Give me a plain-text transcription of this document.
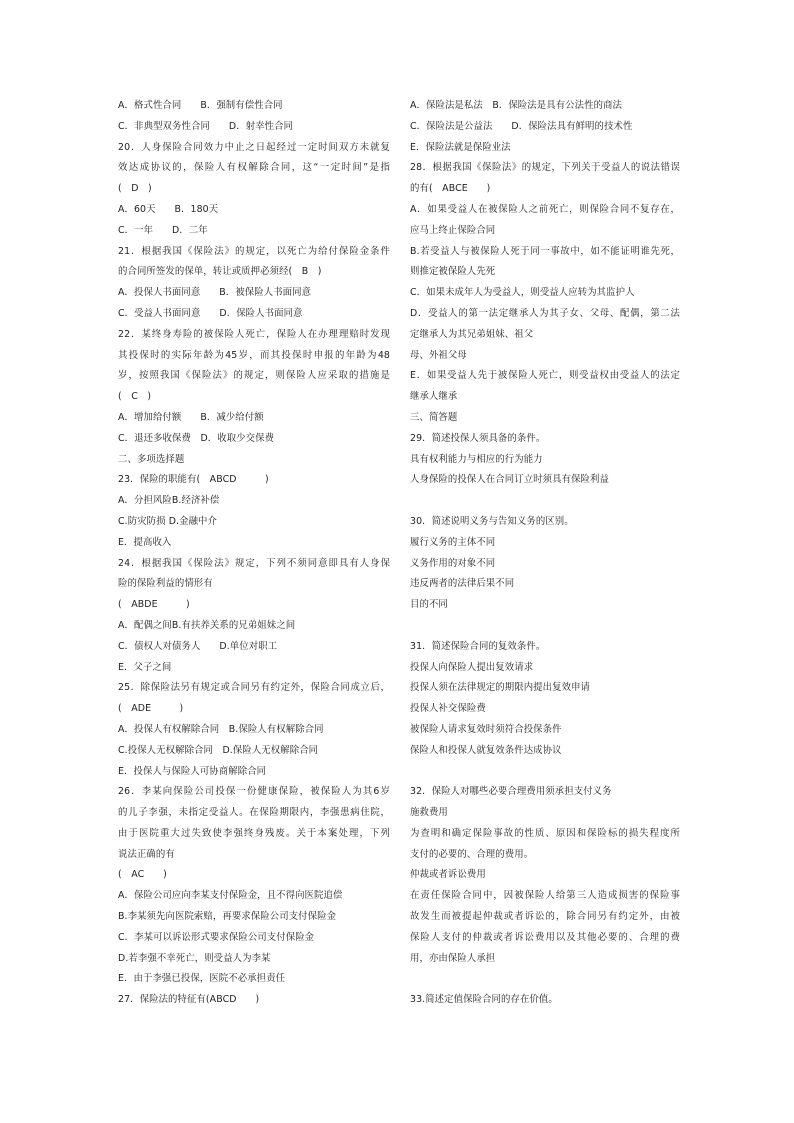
A．格式性合同　　B．强制有偿性合同
C．非典型双务性合同　　D．射幸性合同
20．人身保险合同效力中止之日起经过一定时间双方未就复
效达成协议的，保险人有权解除合同，这“一定时间”是指
(　D　)
A．60天　　B．180天
C．一年　　D．二年
21．根据我国《保险法》的规定，以死亡为给付保险金条件
的合同所签发的保单，转让或质押必须经(　B　)
A．投保人书面同意　　B．被保险人书面同意
C．受益人书面同意　　D．保险人书面同意
22．某终身寿险的被保险人死亡，保险人在办理理赔时发现
其投保时的实际年龄为45岁，而其投保时申报的年龄为48
岁，按照我国《保险法》的规定，则保险人应采取的措施是
(　C　)
A．增加给付额　　B．减少给付额
C．退还多收保费　D．收取少交保费
二、多项选择题
23．保险的职能有(　ABCD　　　)
A．分担风险B.经济补偿
C.防灾防损 D.金融中介
E．提高收入
24．根据我国《保险法》规定，下列不须同意即具有人身保
险的保险利益的情形有
(　ABDE　　　)
A．配偶之间B.有扶养关系的兄弟姐妹之间
C．债权人对债务人　　D.单位对职工
E．父子之间
25．除保险法另有规定或合同另有约定外，保险合同成立后，
(　ADE　　　)
A．投保人有权解除合同　B.保险人有权解除合同
C.投保人无权解除合同　D.保险人无权解除合同
E．投保人与保险人可协商解除合同
26．李某向保险公司投保一份健康保险，被保险人为其6岁
的儿子李强，未指定受益人。在保险期限内，李强患病住院，
由于医院重大过失致使李强终身残废。关于本案处理，下列
说法正确的有
(　AC　　)
A．保险公司应向李某支付保险金，且不得向医院追偿
B.李某须先向医院索赔，再要求保险公司支付保险金
C．李某可以诉讼形式要求保险公司支付保险金
D.若李强不幸死亡，则受益人为李某
E．由于李强已投保，医院不必承担责任
27．保险法的特征有(ABCD　　)
A．保险法是私法　B．保险法是具有公法性的商法
C．保险法是公益法　　D．保险法具有鲜明的技术性
E．保险法就是保险业法
28．根据我国《保险法》的规定，下列关于受益人的说法错误
的有(　ABCE　　)
A．如果受益人在被保险人之前死亡，则保险合同不复存在，
应马上终止保险合同
B.若受益人与被保险人死于同一事故中，如不能证明谁先死，
则推定被保险人先死
C．如果未成年人为受益人，则受益人应转为其监护人
D．受益人的第一法定继承人为其子女、父母、配偶，第二法
定继承人为其兄弟姐妹、祖父
母、外祖父母
E．如果受益人先于被保险人死亡，则受益权由受益人的法定
继承人继承
三、简答题
29．简述投保人须具备的条件。
具有权利能力与相应的行为能力
人身保险的投保人在合同订立时须具有保险利益
30．简述说明义务与告知义务的区别。
履行义务的主体不同
义务作用的对象不同
违反两者的法律后果不同
目的不同
31．简述保险合同的复效条件。
投保人向保险人提出复效请求
投保人须在法律规定的期限内提出复效申请
投保人补交保险费
被保险人请求复效时须符合投保条件
保险人和投保人就复效条件达成协议
32．保险人对哪些必要合理费用须承担支付义务
施救费用
为查明和确定保险事故的性质、原因和保险标的损失程度所
支付的必要的、合理的费用。
仲裁或者诉讼费用
在责任保险合同中，因被保险人给第三人造成损害的保险事
故发生而被提起仲裁或者诉讼的，除合同另有约定外，由被
保险人支付的仲裁或者诉讼费用以及其他必要的、合理的费
用，亦由保险人承担
33.简述定值保险合同的存在价值。
